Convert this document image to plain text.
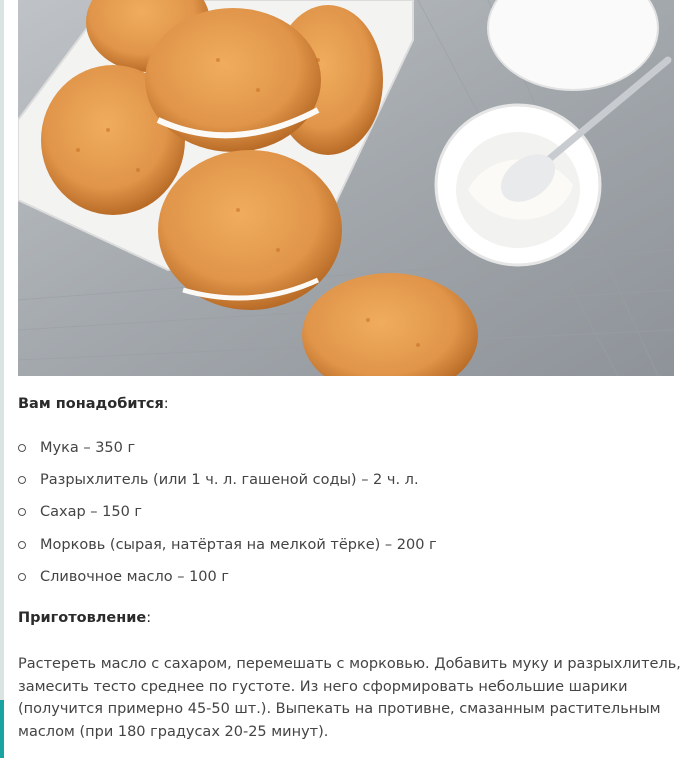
Вам понадобится:

Мука – 350 г
Разрыхлитель (или 1 ч. л. гашеной соды) – 2 ч. л.
Сахар – 150 г
Морковь (сырая, натёртая на мелкой тёрке) – 200 г
Сливочное масло – 100 г

Приготовление:

Растереть масло с сахаром, перемешать с морковью. Добавить муку и разрыхлитель, замесить тесто среднее по густоте. Из него сформировать небольшие шарики (получится примерно 45-50 шт.). Выпекать на противне, смазанным растительным маслом (при 180 градусах 20-25 минут).
